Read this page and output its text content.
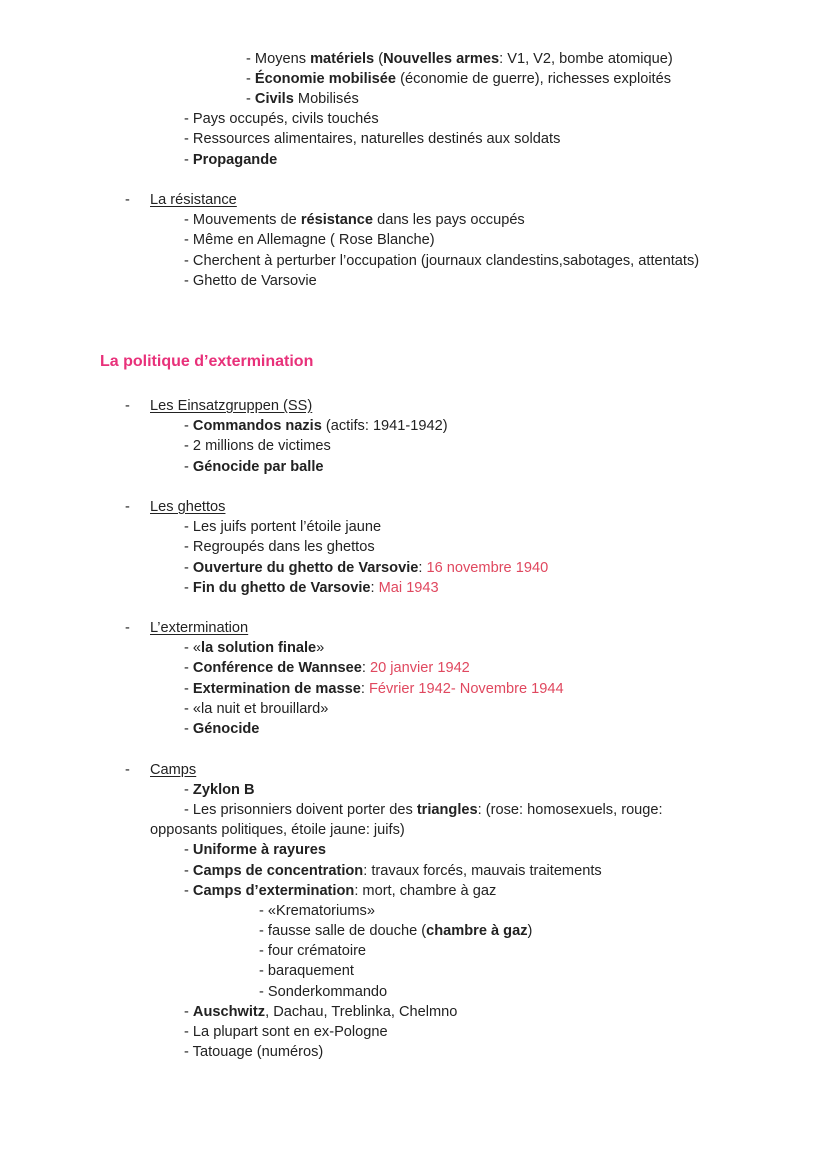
- Moyens matériels (Nouvelles armes: V1, V2, bombe atomique)
- Économie mobilisée (économie de guerre), richesses exploités
- Civils Mobilisés
- Pays occupés, civils touchés
- Ressources alimentaires, naturelles destinés aux soldats
- Propagande
- La résistance
- Mouvements de résistance dans les pays occupés
- Même en Allemagne ( Rose Blanche)
- Cherchent à perturber l’occupation (journaux clandestins,sabotages, attentats)
- Ghetto de Varsovie
La politique d’extermination
- Les Einsatzgruppen (SS)
- Commandos nazis (actifs: 1941-1942)
- 2 millions de victimes
- Génocide par balle
- Les ghettos
- Les juifs portent l’étoile jaune
- Regroupés dans les ghettos
- Ouverture du ghetto de Varsovie: 16 novembre 1940
- Fin du ghetto de Varsovie: Mai 1943
- L’extermination
- «la solution finale»
- Conférence de Wannsee: 20 janvier 1942
- Extermination de masse: Février 1942- Novembre 1944
- «la nuit et brouillard»
- Génocide
- Camps
- Zyklon B
- Les prisonniers doivent porter des triangles: (rose: homosexuels, rouge:
opposants politiques, étoile jaune: juifs)
- Uniforme à rayures
- Camps de concentration: travaux forcés, mauvais traitements
- Camps d’extermination: mort, chambre à gaz
- «Krematoriums»
- fausse salle de douche (chambre à gaz)
- four crématoire
- baraquement
- Sonderkommando
- Auschwitz, Dachau, Treblinka, Chelmno
- La plupart sont en ex-Pologne
- Tatouage (numéros)
